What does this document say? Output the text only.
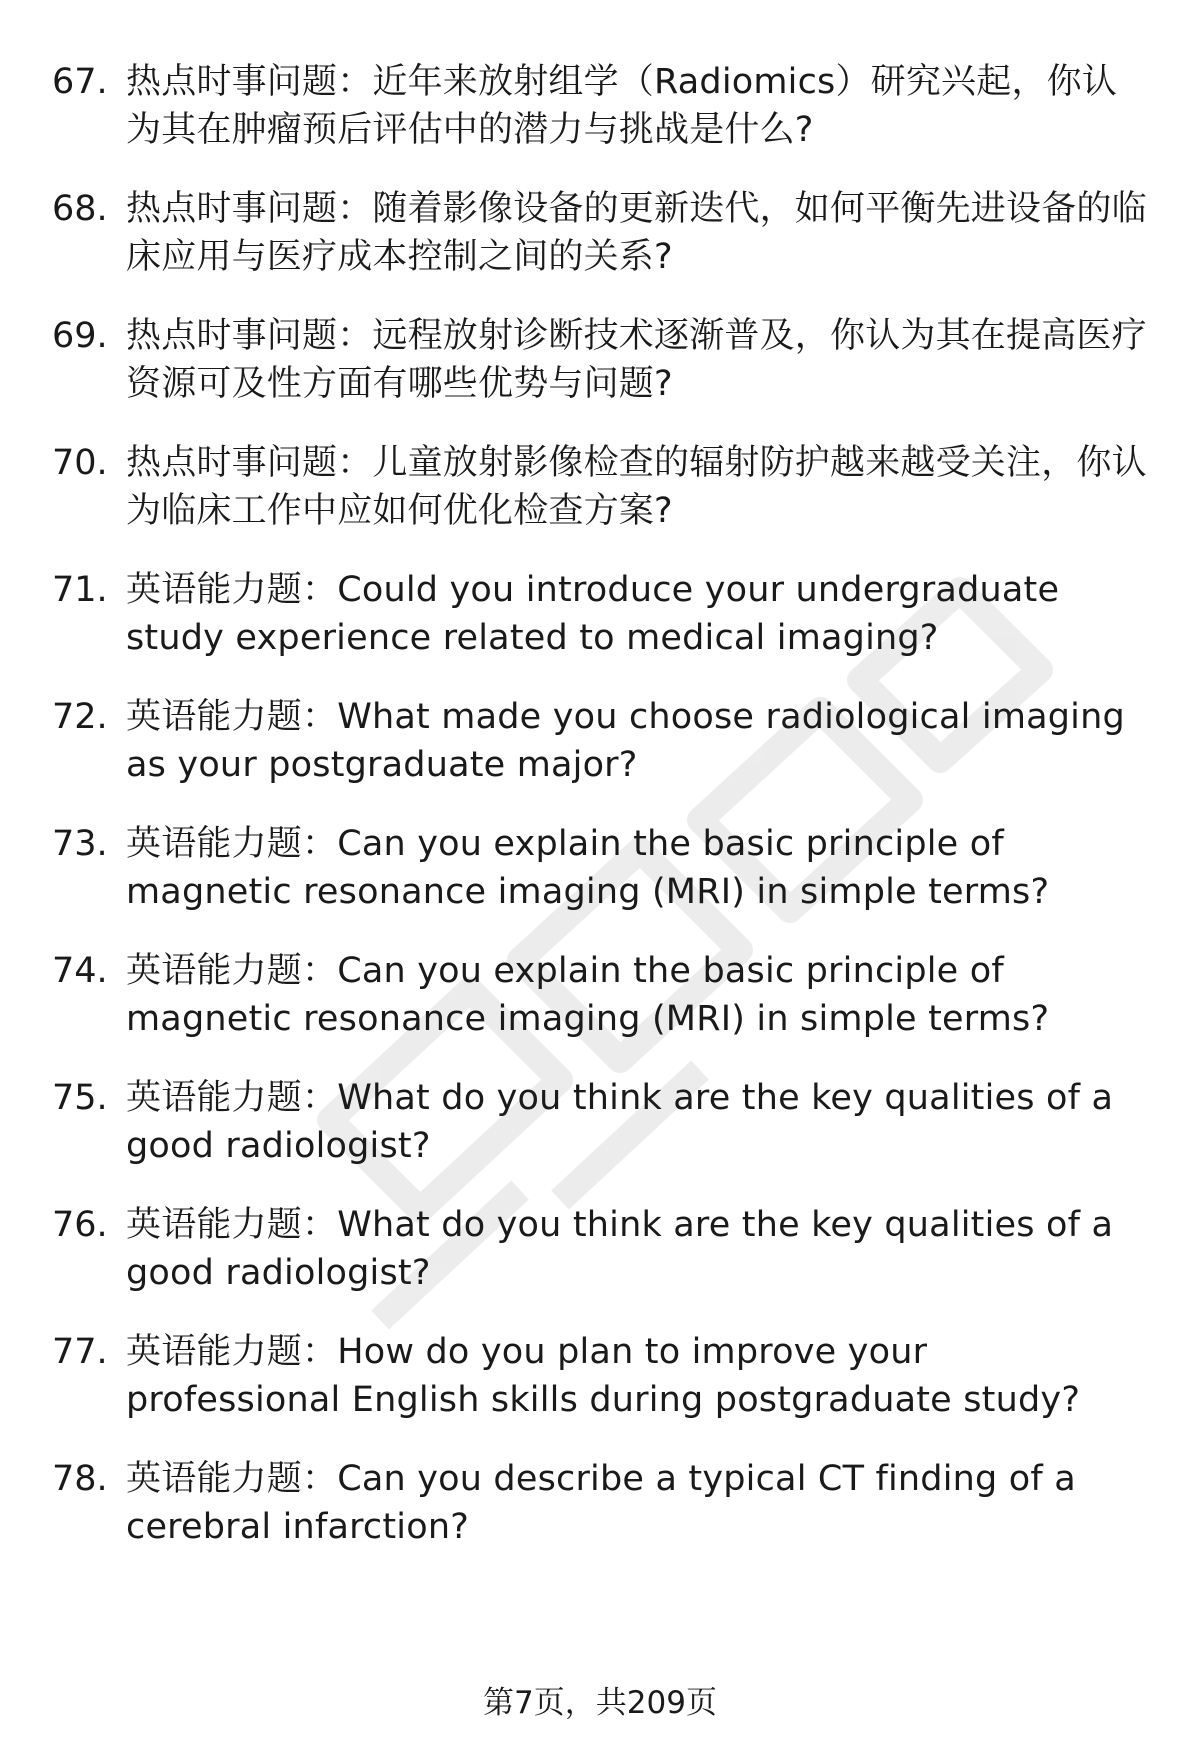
67. 热点时事问题：近年来放射组学（Radiomics）研究兴起，你认为其在肿瘤预后评估中的潜力与挑战是什么?
68. 热点时事问题：随着影像设备的更新迭代，如何平衡先进设备的临床应用与医疗成本控制之间的关系?
69. 热点时事问题：远程放射诊断技术逐渐普及，你认为其在提高医疗资源可及性方面有哪些优势与问题?
70. 热点时事问题：儿童放射影像检查的辐射防护越来越受关注，你认为临床工作中应如何优化检查方案?
71. 英语能力题：Could you introduce your undergraduate study experience related to medical imaging?
72. 英语能力题：What made you choose radiological imaging as your postgraduate major?
73. 英语能力题：Can you explain the basic principle of magnetic resonance imaging (MRI) in simple terms?
74. 英语能力题：Can you explain the basic principle of magnetic resonance imaging (MRI) in simple terms?
75. 英语能力题：What do you think are the key qualities of a good radiologist?
76. 英语能力题：What do you think are the key qualities of a good radiologist?
77. 英语能力题：How do you plan to improve your professional English skills during postgraduate study?
78. 英语能力题：Can you describe a typical CT finding of a cerebral infarction?
第7页，共209页
